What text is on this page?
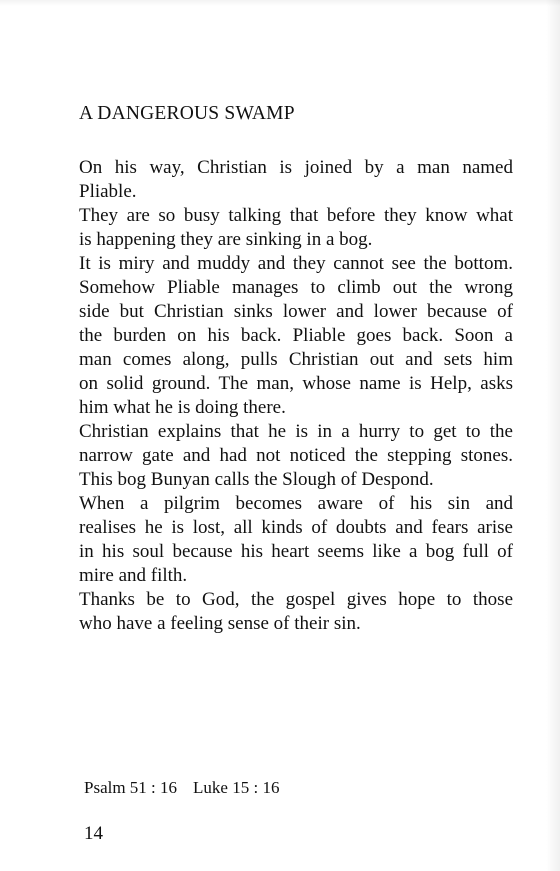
A DANGEROUS SWAMP
On his way, Christian is joined by a man named
Pliable.
They are so busy talking that before they know what
is happening they are sinking in a bog.
It is miry and muddy and they cannot see the bottom.
Somehow Pliable manages to climb out the wrong
side but Christian sinks lower and lower because of
the burden on his back. Pliable goes back. Soon a
man comes along, pulls Christian out and sets him
on solid ground. The man, whose name is Help, asks
him what he is doing there.
Christian explains that he is in a hurry to get to the
narrow gate and had not noticed the stepping stones.
This bog Bunyan calls the Slough of Despond.
When a pilgrim becomes aware of his sin and
realises he is lost, all kinds of doubts and fears arise
in his soul because his heart seems like a bog full of
mire and filth.
Thanks be to God, the gospel gives hope to those
who have a feeling sense of their sin.
Psalm 51 : 16 Luke 15 : 16
14
